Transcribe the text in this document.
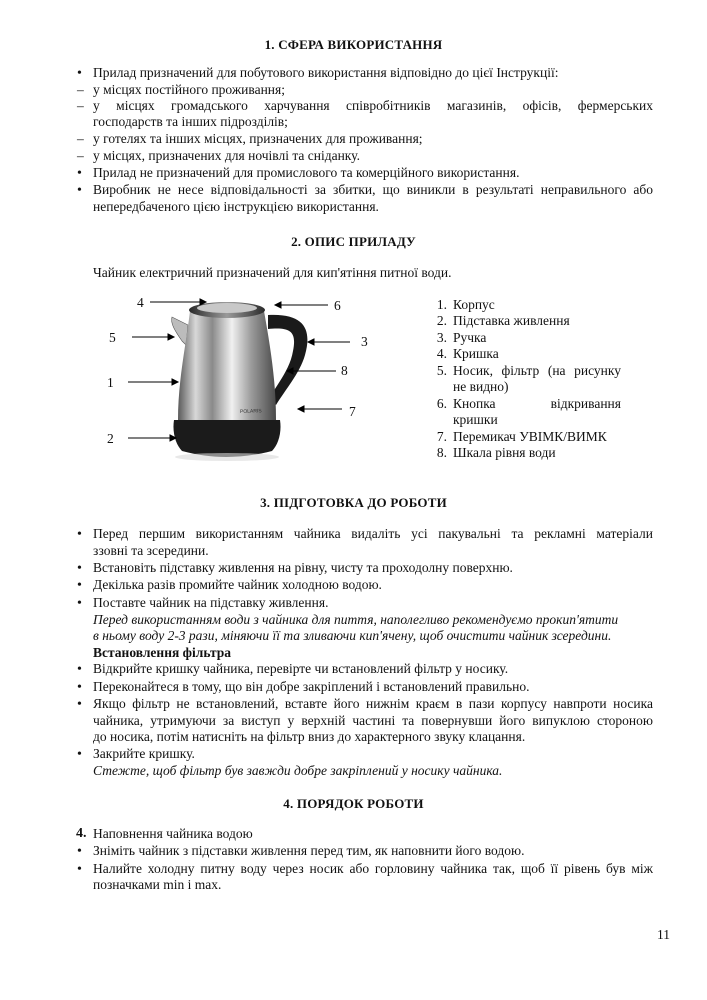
1. СФЕРА ВИКОРИСТАННЯ
• Прилад призначений для побутового використання відповідно до цієї Інструкції:
– у місцях постійного проживання;
– у місцях громадського харчування співробітників магазинів, офісів, фермерських
господарств та інших підрозділів;
– у готелях та інших місцях, призначених для проживання;
– у місцях, призначених для ночівлі та сніданку.
• Прилад не призначений для промислового та комерційного використання.
• Виробник не несе відповідальності за збитки, що виникли в результаті неправильного або
непередбаченого цією інструкцією використання.
2. ОПИС ПРИЛАДУ
Чайник електричний призначений для кип'ятіння питної води.
POLARIS
4	6
5	3
1
8
7
2
1. Корпус
2. Підставка живлення
3. Ручка
4. Кришка
5. Носик, фільтр (на рисунку
не видно)
6. Кнопка відкривання
кришки
7. Перемикач УВІМК/ВИМК
8. Шкала рівня води
3. ПІДГОТОВКА ДО РОБОТИ
• Перед першим використанням чайника видаліть усі пакувальні та рекламні матеріали
ззовні та зсередини.
• Встановіть підставку живлення на рівну, чисту та проходолну поверхню.
• Декілька разів промийте чайник холодною водою.
• Поставте чайник на підставку живлення.
Перед використанням води з чайника для пиття, наполегливо рекомендуємо прокип'ятити
в ньому воду 2-3 рази, міняючи її та зливаючи кип'ячену, щоб очистити чайник зсередини.
Встановлення фільтра
• Відкрийте кришку чайника, перевірте чи встановлений фільтр у носику.
• Переконайтеся в тому, що він добре закріплений і встановлений правильно.
• Якщо фільтр не встановлений, вставте його нижнім краєм в пази корпусу навпроти носика
чайника, утримуючи за виступ у верхній частині та повернувши його випуклою стороною
до носика, потім натисніть на фільтр вниз до характерного звуку клацання.
• Закрийте кришку.
Стежте, щоб фільтр був завжди добре закріплений у носику чайника.
4. ПОРЯДОК РОБОТИ
4. Наповнення чайника водою
• Зніміть чайник з підставки живлення перед тим, як наповнити його водою.
• Налийте холодну питну воду через носик або горловину чайника так, щоб її рівень був між
позначками min і max.
11
